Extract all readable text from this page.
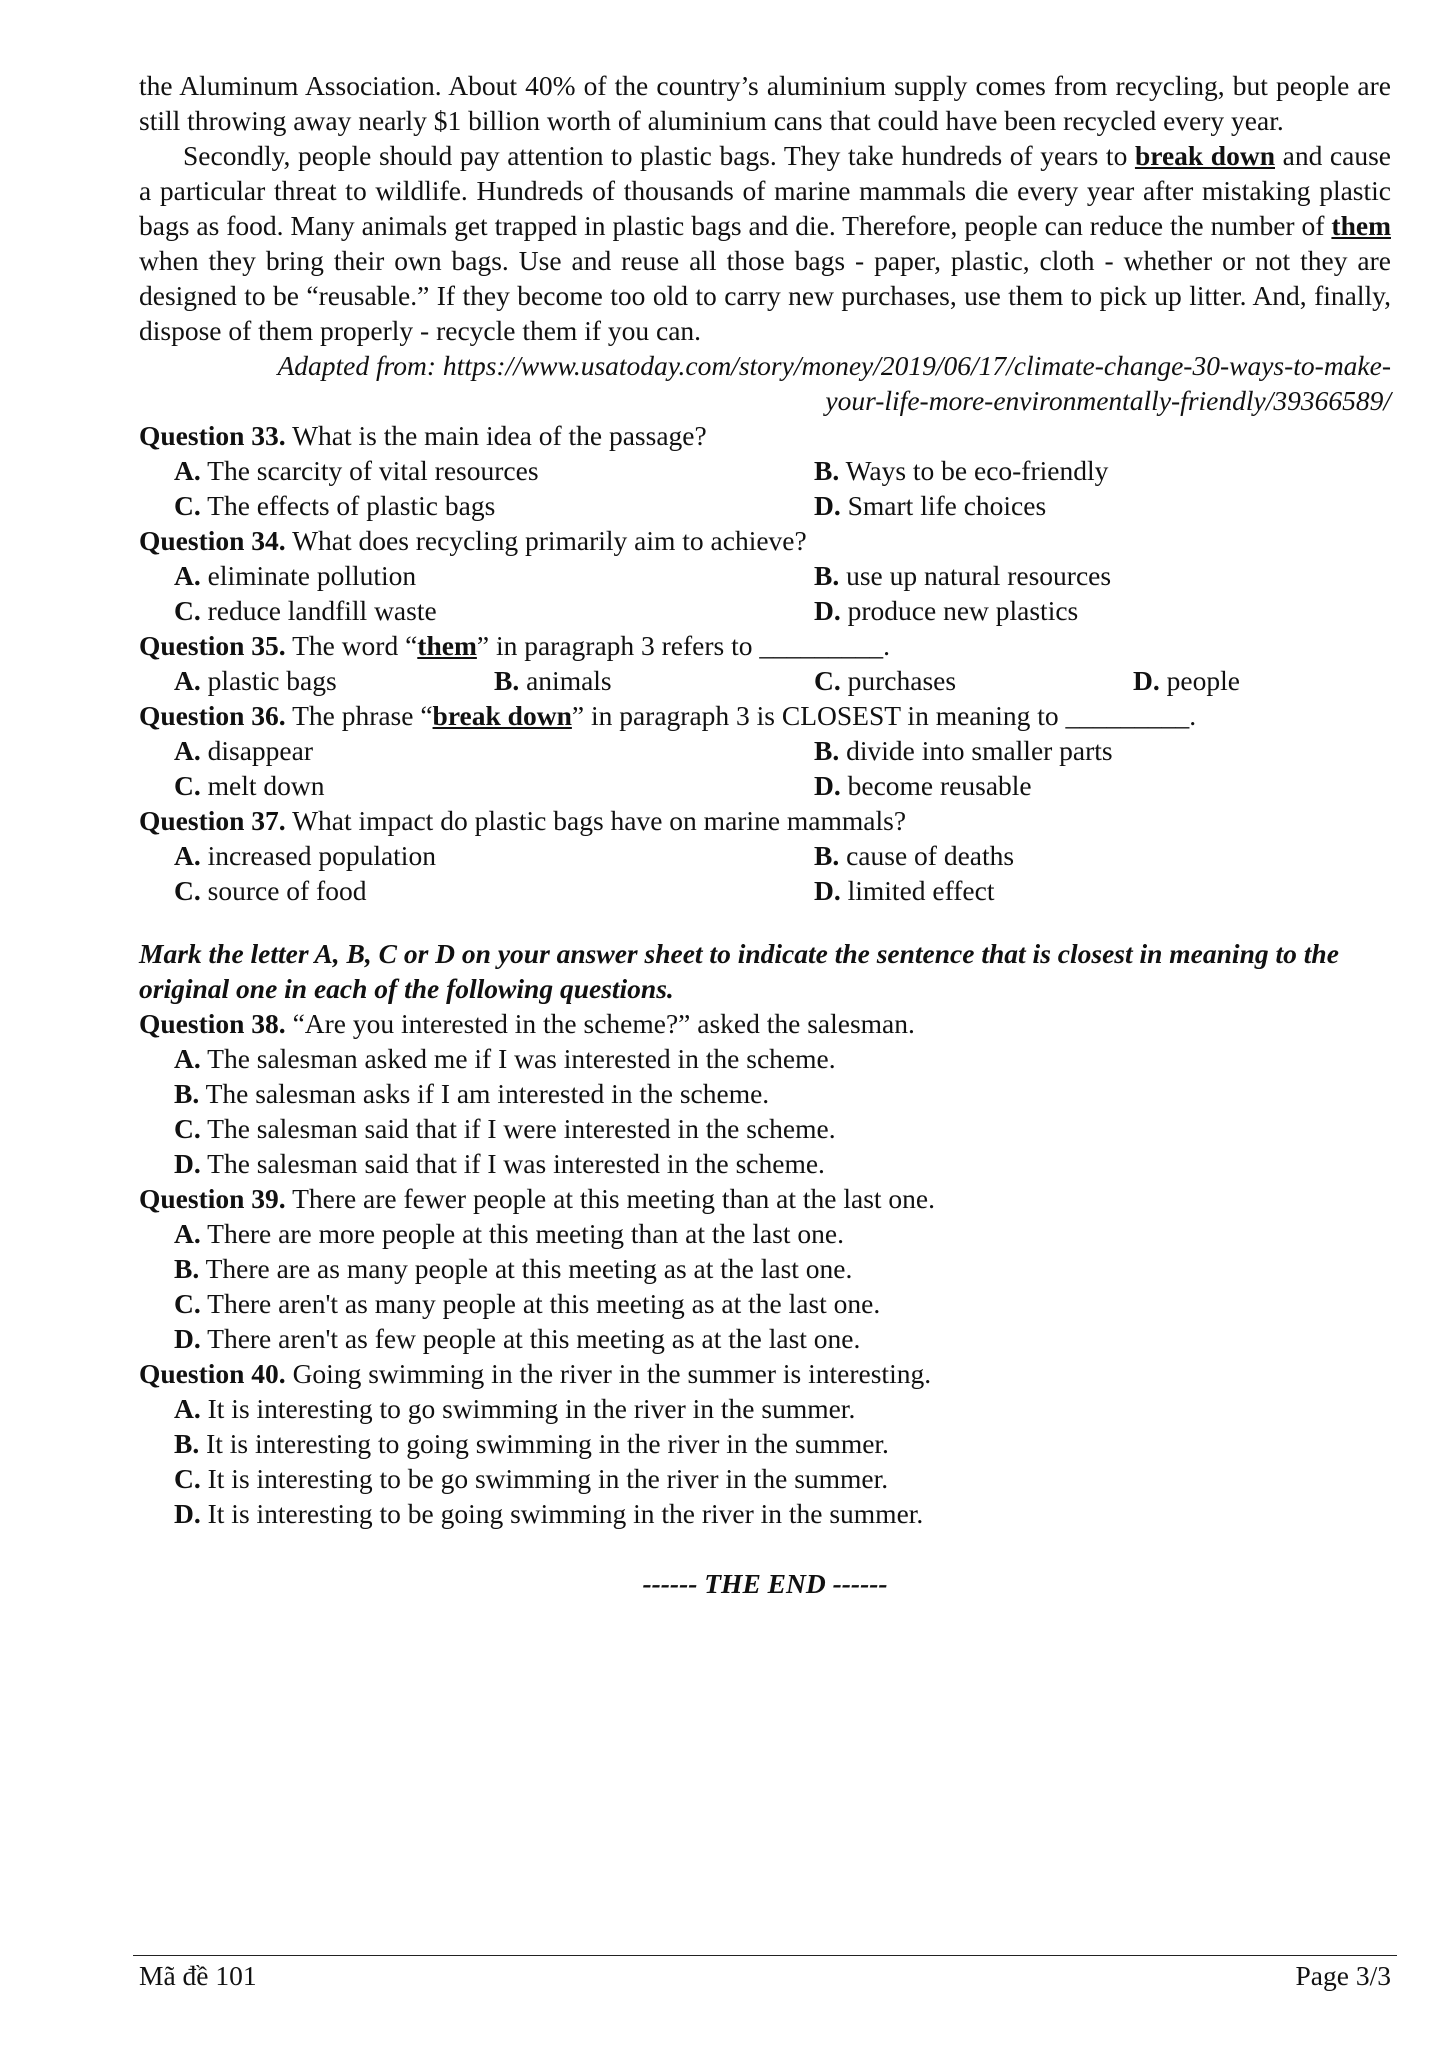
the Aluminum Association. About 40% of the country’s aluminium supply comes from recycling, but people are still throwing away nearly $1 billion worth of aluminium cans that could have been recycled every year.

Secondly, people should pay attention to plastic bags. They take hundreds of years to break down and cause a particular threat to wildlife. Hundreds of thousands of marine mammals die every year after mistaking plastic bags as food. Many animals get trapped in plastic bags and die. Therefore, people can reduce the number of them when they bring their own bags. Use and reuse all those bags - paper, plastic, cloth - whether or not they are designed to be “reusable.” If they become too old to carry new purchases, use them to pick up litter. And, finally, dispose of them properly - recycle them if you can.

Adapted from: https://www.usatoday.com/story/money/2019/06/17/climate-change-30-ways-to-make-

your-life-more-environmentally-friendly/39366589/

Question 33. What is the main idea of the passage?
A. The scarcity of vital resources	B. Ways to be eco-friendly
C. The effects of plastic bags	D. Smart life choices
Question 34. What does recycling primarily aim to achieve?
A. eliminate pollution	B. use up natural resources
C. reduce landfill waste	D. produce new plastics
Question 35. The word “them” in paragraph 3 refers to _________.
A. plastic bags	B. animals	C. purchases	D. people
Question 36. The phrase “break down” in paragraph 3 is CLOSEST in meaning to _________.
A. disappear	B. divide into smaller parts
C. melt down	D. become reusable
Question 37. What impact do plastic bags have on marine mammals?
A. increased population	B. cause of deaths
C. source of food	D. limited effect

Mark the letter A, B, C or D on your answer sheet to indicate the sentence that is closest in meaning to the original one in each of the following questions.

Question 38. “Are you interested in the scheme?” asked the salesman.
A. The salesman asked me if I was interested in the scheme.
B. The salesman asks if I am interested in the scheme.
C. The salesman said that if I were interested in the scheme.
D. The salesman said that if I was interested in the scheme.
Question 39. There are fewer people at this meeting than at the last one.
A. There are more people at this meeting than at the last one.
B. There are as many people at this meeting as at the last one.
C. There aren't as many people at this meeting as at the last one.
D. There aren't as few people at this meeting as at the last one.
Question 40. Going swimming in the river in the summer is interesting.
A. It is interesting to go swimming in the river in the summer.
B. It is interesting to going swimming in the river in the summer.
C. It is interesting to be go swimming in the river in the summer.
D. It is interesting to be going swimming in the river in the summer.
------ THE END ------
Mã đề 101	Page 3/3
